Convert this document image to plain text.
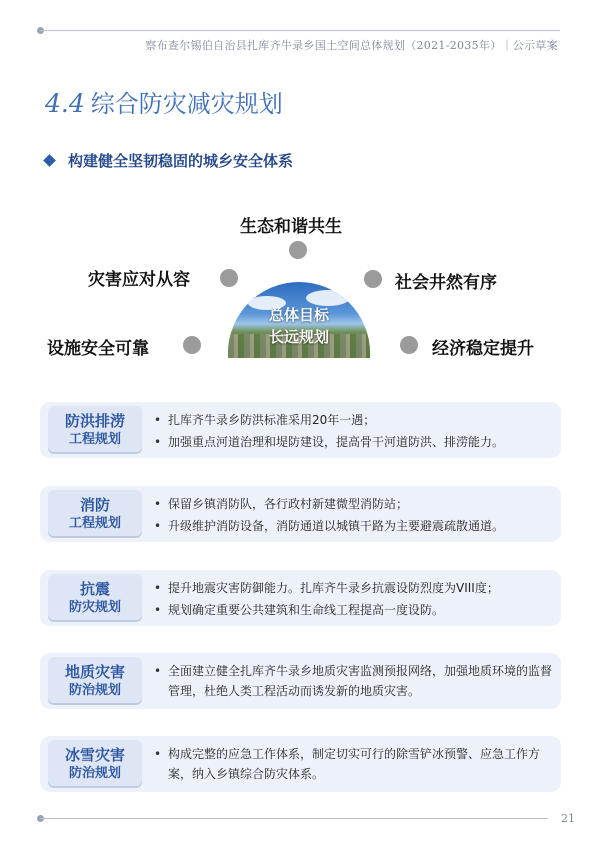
察布查尔锡伯自治县扎库齐牛录乡国土空间总体规划（2021-2035年）｜公示草案
4.4 综合防灾减灾规划
构建健全坚韧稳固的城乡安全体系
生态和谐共生
灾害应对从容	社会井然有序
设施安全可靠	经济稳定提升
总体目标
长远规划
防洪排涝
工程规划
• 扎库齐牛录乡防洪标准采用20年一遇；
• 加强重点河道治理和堤防建设，提高骨干河道防洪、排涝能力。
消防
工程规划
• 保留乡镇消防队，各行政村新建微型消防站；
• 升级维护消防设备，消防通道以城镇干路为主要避震疏散通道。
抗震
防灾规划
• 提升地震灾害防御能力。扎库齐牛录乡抗震设防烈度为VIII度；
• 规划确定重要公共建筑和生命线工程提高一度设防。
地质灾害
防治规划
• 全面建立健全扎库齐牛录乡地质灾害监测预报网络，加强地质环境的监督管理，杜绝人类工程活动而诱发新的地质灾害。
冰雪灾害
防治规划
• 构成完整的应急工作体系，制定切实可行的除雪铲冰预警、应急工作方案，纳入乡镇综合防灾体系。
21
